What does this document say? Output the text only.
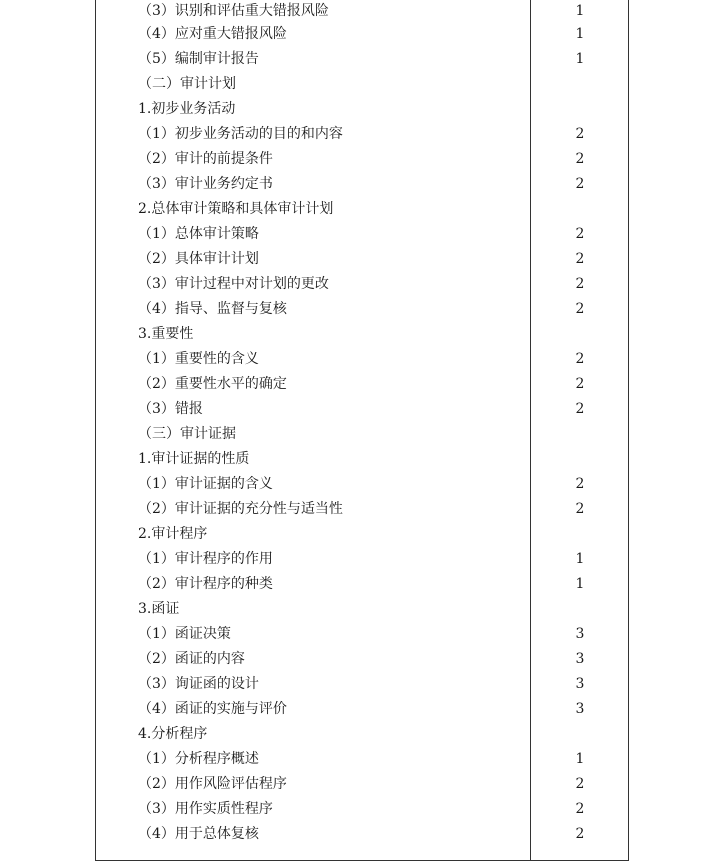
（3）识别和评估重大错报风险	1
（4）应对重大错报风险	1
（5）编制审计报告	1
（二）审计计划	
1.初步业务活动	
（1）初步业务活动的目的和内容	2
（2）审计的前提条件	2
（3）审计业务约定书	2
2.总体审计策略和具体审计计划	
（1）总体审计策略	2
（2）具体审计计划	2
（3）审计过程中对计划的更改	2
（4）指导、监督与复核	2
3.重要性	
（1）重要性的含义	2
（2）重要性水平的确定	2
（3）错报	2
（三）审计证据	
1.审计证据的性质	
（1）审计证据的含义	2
（2）审计证据的充分性与适当性	2
2.审计程序	
（1）审计程序的作用	1
（2）审计程序的种类	1
3.函证	
（1）函证决策	3
（2）函证的内容	3
（3）询证函的设计	3
（4）函证的实施与评价	3
4.分析程序	
（1）分析程序概述	1
（2）用作风险评估程序	2
（3）用作实质性程序	2
（4）用于总体复核	2
